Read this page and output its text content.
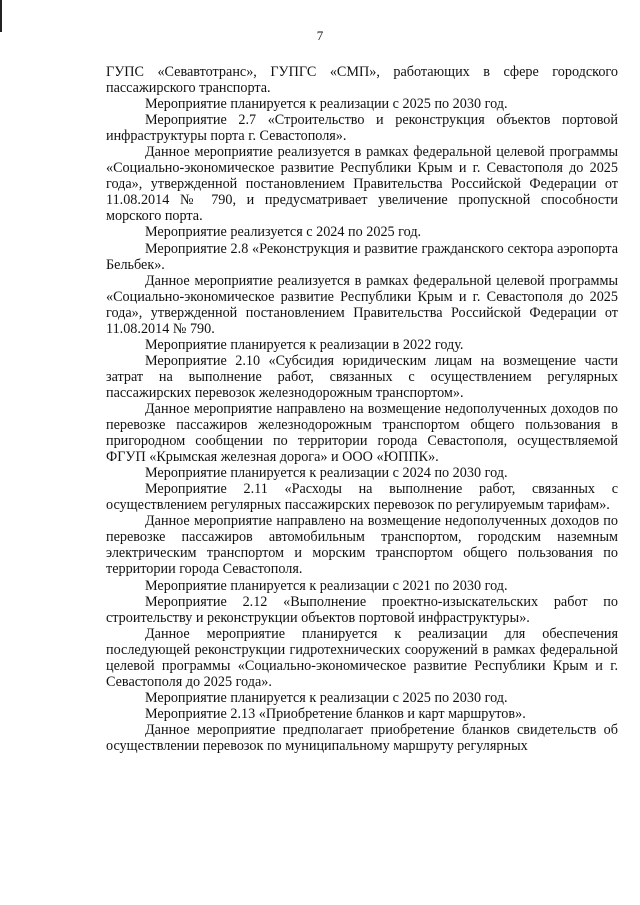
7

ГУПС «Севавтотранс», ГУПГС «СМП», работающих в сфере городского пассажирского транспорта.

Мероприятие планируется к реализации с 2025 по 2030 год.

Мероприятие 2.7 «Строительство и реконструкция объектов портовой инфраструктуры порта г. Севастополя».

Данное мероприятие реализуется в рамках федеральной целевой программы «Социально-экономическое развитие Республики Крым и г. Севастополя до 2025 года», утвержденной постановлением Правительства Российской Федерации от 11.08.2014 № 790, и предусматривает увеличение пропускной способности морского порта.

Мероприятие реализуется с 2024 по 2025 год.

Мероприятие 2.8 «Реконструкция и развитие гражданского сектора аэропорта Бельбек».

Данное мероприятие реализуется в рамках федеральной целевой программы «Социально-экономическое развитие Республики Крым и г. Севастополя до 2025 года», утвержденной постановлением Правительства Российской Федерации от 11.08.2014 № 790.

Мероприятие планируется к реализации в 2022 году.

Мероприятие 2.10 «Субсидия юридическим лицам на возмещение части затрат на выполнение работ, связанных с осуществлением регулярных пассажирских перевозок железнодорожным транспортом».

Данное мероприятие направлено на возмещение недополученных доходов по перевозке пассажиров железнодорожным транспортом общего пользования в пригородном сообщении по территории города Севастополя, осуществляемой ФГУП «Крымская железная дорога» и ООО «ЮППК».

Мероприятие планируется к реализации с 2024 по 2030 год.

Мероприятие 2.11 «Расходы на выполнение работ, связанных с осуществлением регулярных пассажирских перевозок по регулируемым тарифам».

Данное мероприятие направлено на возмещение недополученных доходов по перевозке пассажиров автомобильным транспортом, городским наземным электрическим транспортом и морским транспортом общего пользования по территории города Севастополя.

Мероприятие планируется к реализации с 2021 по 2030 год.

Мероприятие 2.12 «Выполнение проектно-изыскательских работ по строительству и реконструкции объектов портовой инфраструктуры».

Данное мероприятие планируется к реализации для обеспечения последующей реконструкции гидротехнических сооружений в рамках федеральной целевой программы «Социально-экономическое развитие Республики Крым и г. Севастополя до 2025 года».

Мероприятие планируется к реализации с 2025 по 2030 год.

Мероприятие 2.13 «Приобретение бланков и карт маршрутов».

Данное мероприятие предполагает приобретение бланков свидетельств об осуществлении перевозок по муниципальному маршруту регулярных
